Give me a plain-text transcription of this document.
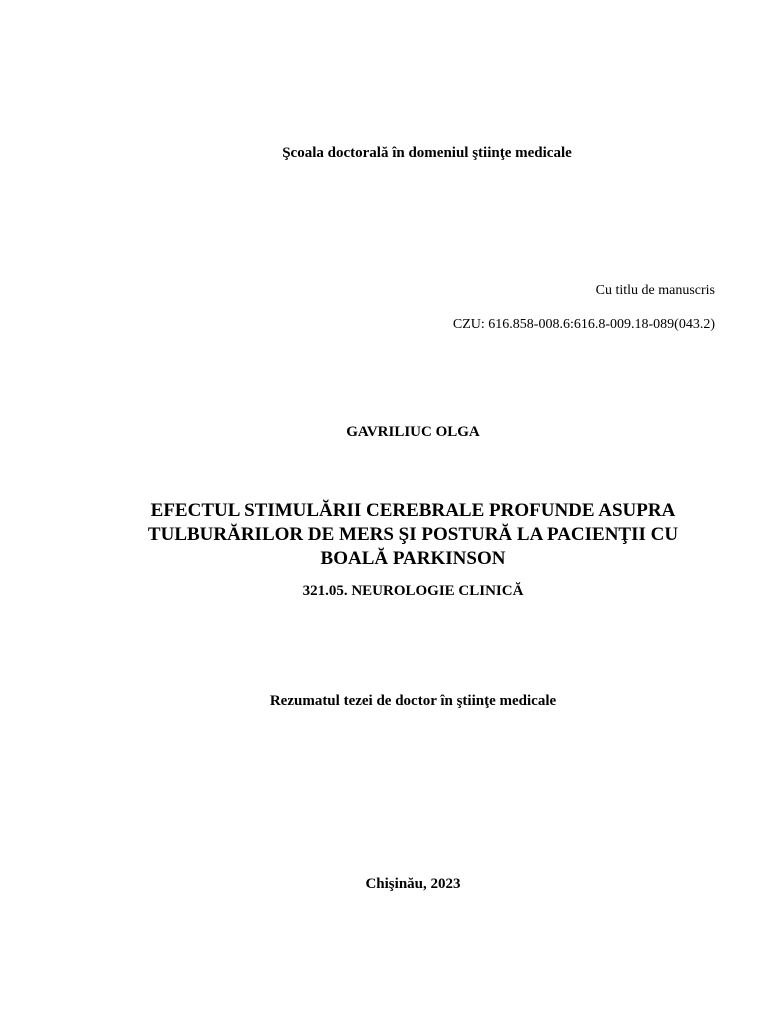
Şcoala doctorală în domeniul ştiinţe medicale
Cu titlu de manuscris
CZU: 616.858-008.6:616.8-009.18-089(043.2)
GAVRILIUC OLGA
EFECTUL STIMULĂRII CEREBRALE PROFUNDE ASUPRA
TULBURĂRILOR DE MERS ŞI POSTURĂ LA PACIENŢII CU
BOALĂ PARKINSON
321.05. NEUROLOGIE CLINICĂ
Rezumatul tezei de doctor în ştiinţe medicale
Chişinău, 2023
